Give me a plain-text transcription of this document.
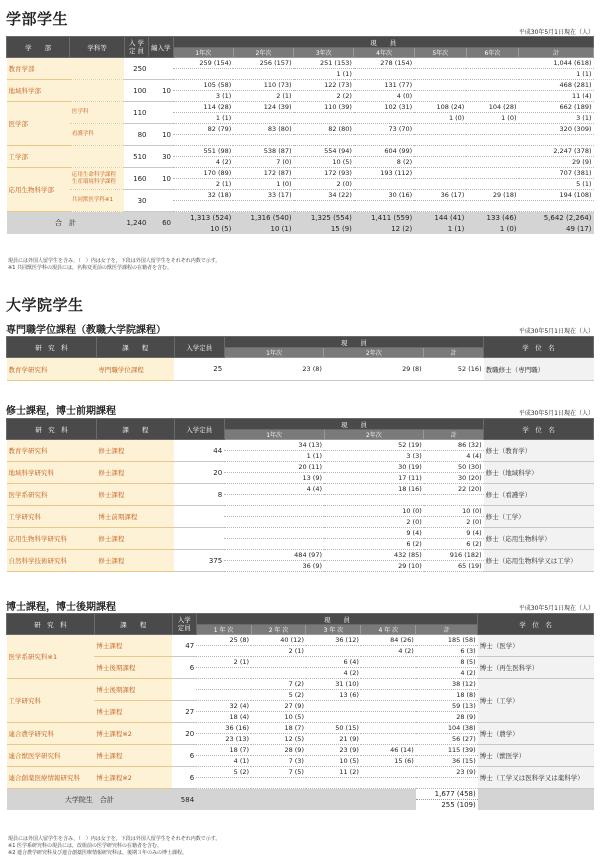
学部学生
平成30年5月1日現在（人）
学　　部	学科等	入 学
定 員	編入学	現　　員						
				1年次	2年次	3年次	4年次	5年次	6年次	計
教育学部		250		259 (154)	256 (157)	251 (153)	278 (154)			1,044 (618)
						1 (1)				1 (1)
地域科学部		100	10	105 (58)	110 (73)	122 (73)	131 (77)			468 (281)
				3 (1)	2 (1)	2 (2)	4 (0)			11 (4)
医学部	医学科	110		114 (28)	124 (39)	110 (39)	102 (31)	108 (24)	104 (28)	662 (189)
				1 (1)				1 (0)	1 (0)	3 (1)
	看護学科	80	10	82 (79)	83 (80)	82 (80)	73 (70)			320 (309)

工学部		510	30	551 (98)	538 (87)	554 (94)	604 (99)			2,247 (378)
				4 (2)	7 (0)	10 (5)	8 (2)			29 (9)
応用生物科学部	応用生命科学課程
生産環境科学課程	160	10	170 (89)	172 (87)	172 (93)	193 (112)			707 (381)
				2 (1)	1 (0)	2 (0)				5 (1)
	共同獣医学科※1	30		32 (18)	33 (17)	34 (22)	30 (16)	36 (17)	29 (18)	194 (108)

合　計		1,240	60	1,313 (524)	1,316 (540)	1,325 (554)	1,411 (559)	144 (41)	133 (46)	5,642 (2,264)
				10 (5)	10 (1)	15 (9)	12 (2)	1 (1)	1 (0)	49 (17)
現員には外国人留学生を含み，（　）内は女子を，下段は外国人留学生をそれぞれ内数で示す。
※1 共同獣医学科の現員には，名称変更前の獣医学課程の在籍者を含む。
大学院学生
専門職学位課程（教職大学院課程）	平成30年5月1日現在（人）
研　究　科	課　　程	入学定員	現　　員			学　位　名
			1年次	2年次	計	
教育学研究科	専門職学位課程	25	23 (8)	29 (8)	52 (16)	教職修士（専門職）
修士課程，博士前期課程	平成30年5月1日現在（人）
研　究　科	課　　程	入学定員	現　　員			学　位　名
			1年次	2年次	計	
教育学研究科	修士課程	44	34 (13)	52 (19)	86 (32)	修士（教育学）
			1 (1)	3 (3)	4 (4)	
地域科学研究科	修士課程	20	20 (11)	30 (19)	50 (30)	修士（地域科学）
			13 (9)	17 (11)	30 (20)	
医学系研究科	修士課程	8	4 (4)	18 (16)	22 (20)	修士（看護学）

工学研究科	博士前期課程			10 (0)	10 (0)	修士（工学）
				2 (0)	2 (0)	
応用生物科学研究科	修士課程			9 (4)	9 (4)	修士（応用生物科学）
				6 (2)	6 (2)	
自然科学技術研究科	修士課程	375	484 (97)	432 (85)	916 (182)	修士（応用生物科学又は工学）
			36 (9)	29 (10)	65 (19)	
博士課程，博士後期課程	平成30年5月1日現在（人）
研　究　科	課　　程	入学
定員	現　　員					学　位　名
			1 年 次	2 年 次	3 年 次	4 年 次	計	
医学系研究科※1	博士課程	47	25 (8)	40 (12)	36 (12)	84 (26)	185 (58)	博士（医学）
				2 (1)		4 (2)	6 (3)	
	博士後期課程	6	2 (1)		6 (4)		8 (5)	博士（再生医科学）
					4 (2)		4 (2)	
工学研究科	博士後期課程			7 (2)	31 (10)		38 (12)	博士（工学）
				5 (2)	13 (6)		18 (8)	
	博士課程	27	32 (4)	27 (9)			59 (13)	
			18 (4)	10 (5)			28 (9)	
連合農学研究科	博士課程※2	20	36 (16)	18 (7)	50 (15)		104 (38)	博士（農学）
			23 (13)	12 (5)	21 (9)		56 (27)	
連合獣医学研究科	博士課程	6	18 (7)	28 (9)	23 (9)	46 (14)	115 (39)	博士（獣医学）
			4 (1)	7 (3)	10 (5)	15 (6)	36 (15)	
連合創薬医療情報研究科	博士課程※2	6	5 (2)	7 (5)	11 (2)		23 (9)	博士（工学又は医科学又は薬科学）

大学院生　合計		584					1,677 (458)	
							255 (109)	
現員には外国人留学生を含み，（　）内は女子を，下段は外国人留学生をそれぞれ内数で示す。
※1 医学系研究科の現員には，改組前の医学研究科の在籍者を含む。
※2 連合農学研究科及び連合創薬医療情報研究科は，後期３年のみの博士課程。
